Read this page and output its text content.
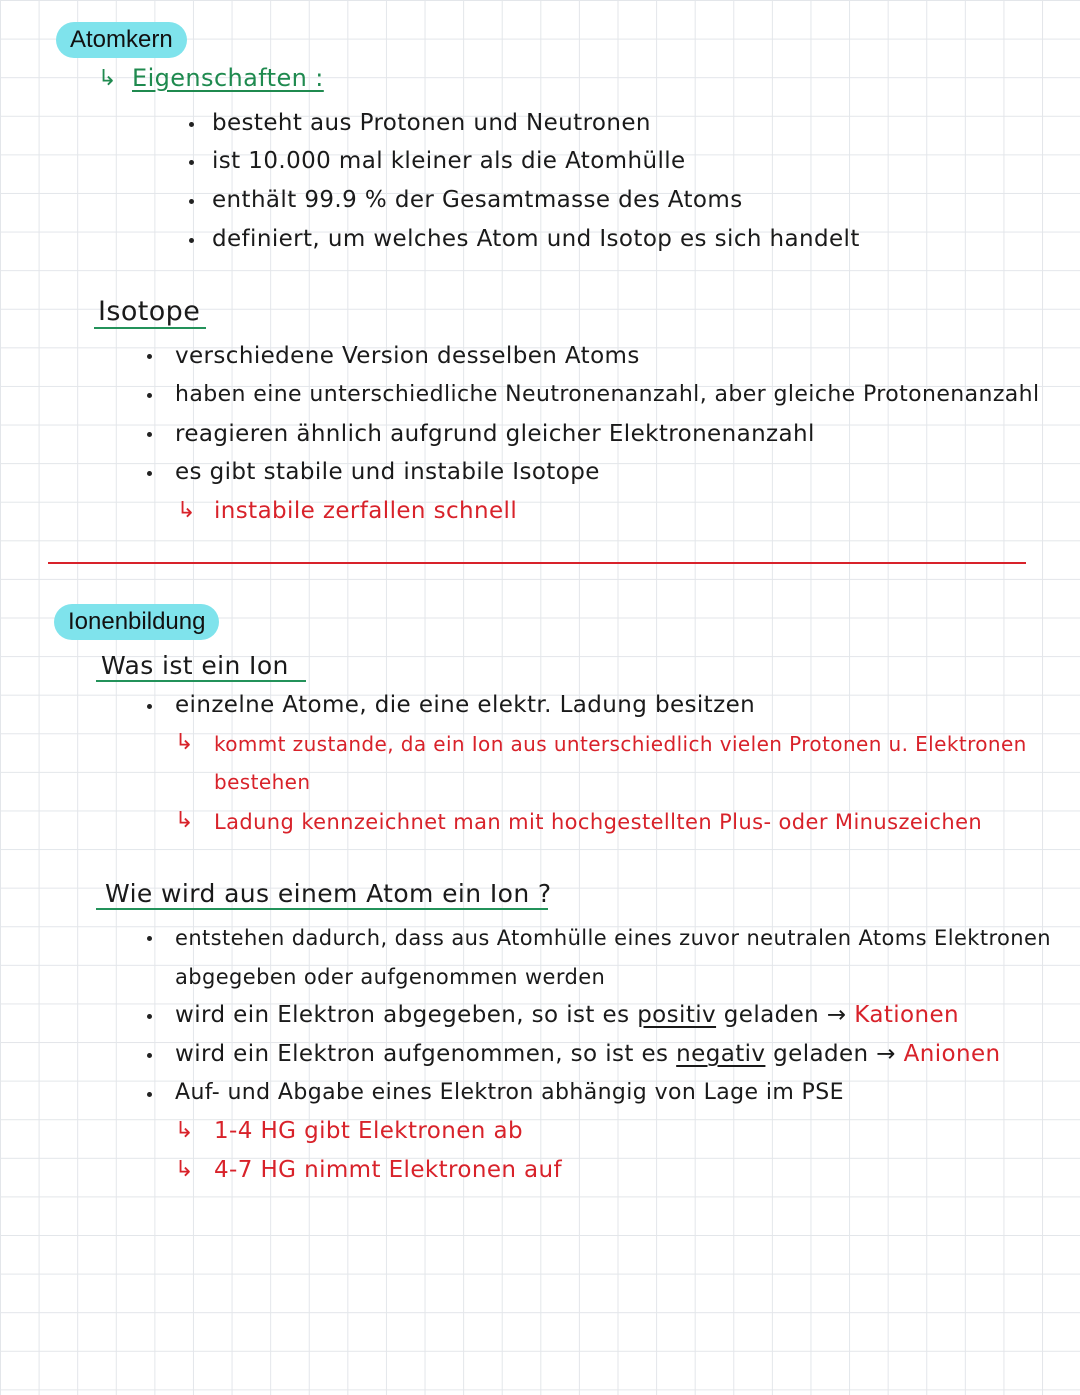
Atomkern
↳ Eigenschaften :
besteht aus Protonen und Neutronen
ist 10.000 mal kleiner als die Atomhülle
enthält 99.9 % der Gesamtmasse des Atoms
definiert, um welches Atom und Isotop es sich handelt
Isotope
verschiedene Version desselben Atoms
haben eine unterschiedliche Neutronenanzahl, aber gleiche Protonenanzahl
reagieren ähnlich aufgrund gleicher Elektronenanzahl
es gibt stabile und instabile Isotope
↳ instabile zerfallen schnell
Ionenbildung
Was ist ein Ion
einzelne Atome, die eine elektr. Ladung besitzen
↳ kommt zustande, da ein Ion aus unterschiedlich vielen Protonen u. Elektronen
bestehen
↳ Ladung kennzeichnet man mit hochgestellten Plus- oder Minuszeichen
Wie wird aus einem Atom ein Ion ?
entstehen dadurch, dass aus Atomhülle eines zuvor neutralen Atoms Elektronen
abgegeben oder aufgenommen werden
wird ein Elektron abgegeben, so ist es positiv geladen → Kationen
wird ein Elektron aufgenommen, so ist es negativ geladen → Anionen
Auf- und Abgabe eines Elektron abhängig von Lage im PSE
↳ 1-4 HG gibt Elektronen ab
↳ 4-7 HG nimmt Elektronen auf
